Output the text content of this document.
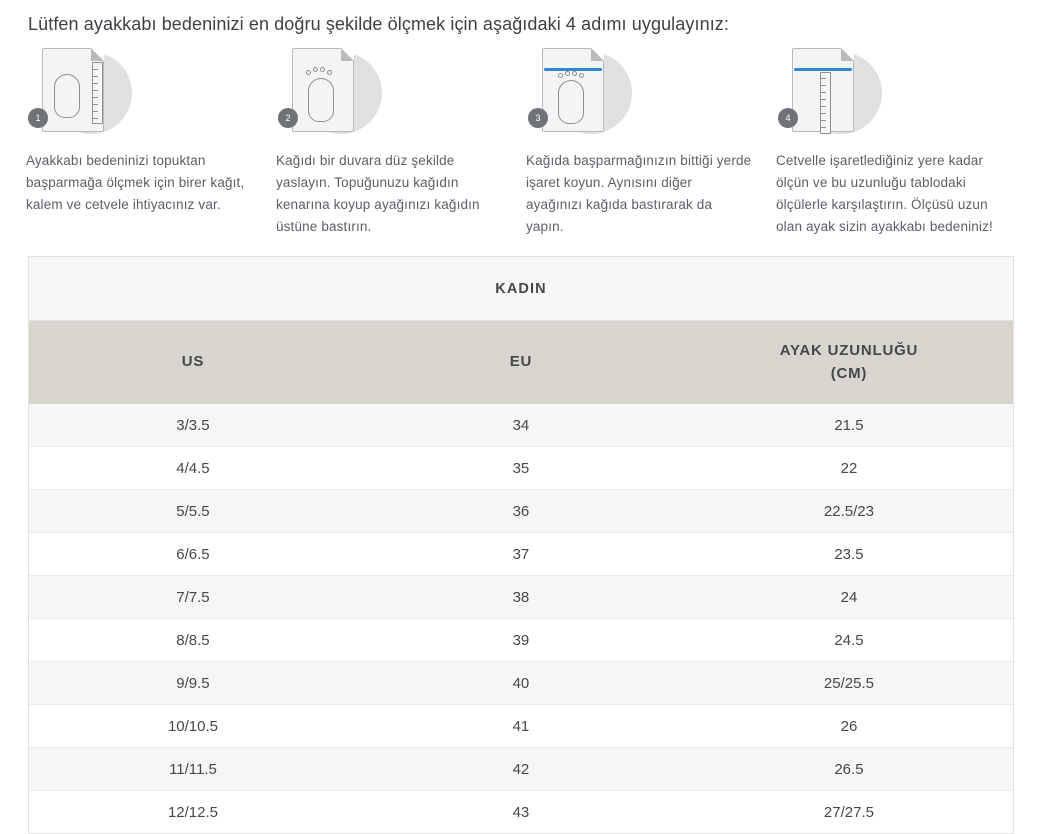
Lütfen ayakkabı bedeninizi en doğru şekilde ölçmek için aşağıdaki 4 adımı uygulayınız:
1
Ayakkabı bedeninizi topuktan başparmağa ölçmek için birer kağıt, kalem ve cetvele ihtiyacınız var.
2
Kağıdı bir duvara düz şekilde yaslayın. Topuğunuzu kağıdın kenarına koyup ayağınızı kağıdın üstüne bastırın.
3
Kağıda başparmağınızın bittiği yerde işaret koyun. Aynısını diğer ayağınızı kağıda bastırarak da yapın.
4
Cetvelle işaretlediğiniz yere kadar ölçün ve bu uzunluğu tablodaki ölçülerle karşılaştırın. Ölçüsü uzun olan ayak sizin ayakkabı bedeniniz!
KADIN		
US	EU	AYAK UZUNLUĞU
(CM)

3/3.5	34	21.5
4/4.5	35	22
5/5.5	36	22.5/23
6/6.5	37	23.5
7/7.5	38	24
8/8.5	39	24.5
9/9.5	40	25/25.5
10/10.5	41	26
11/11.5	42	26.5
12/12.5	43	27/27.5
